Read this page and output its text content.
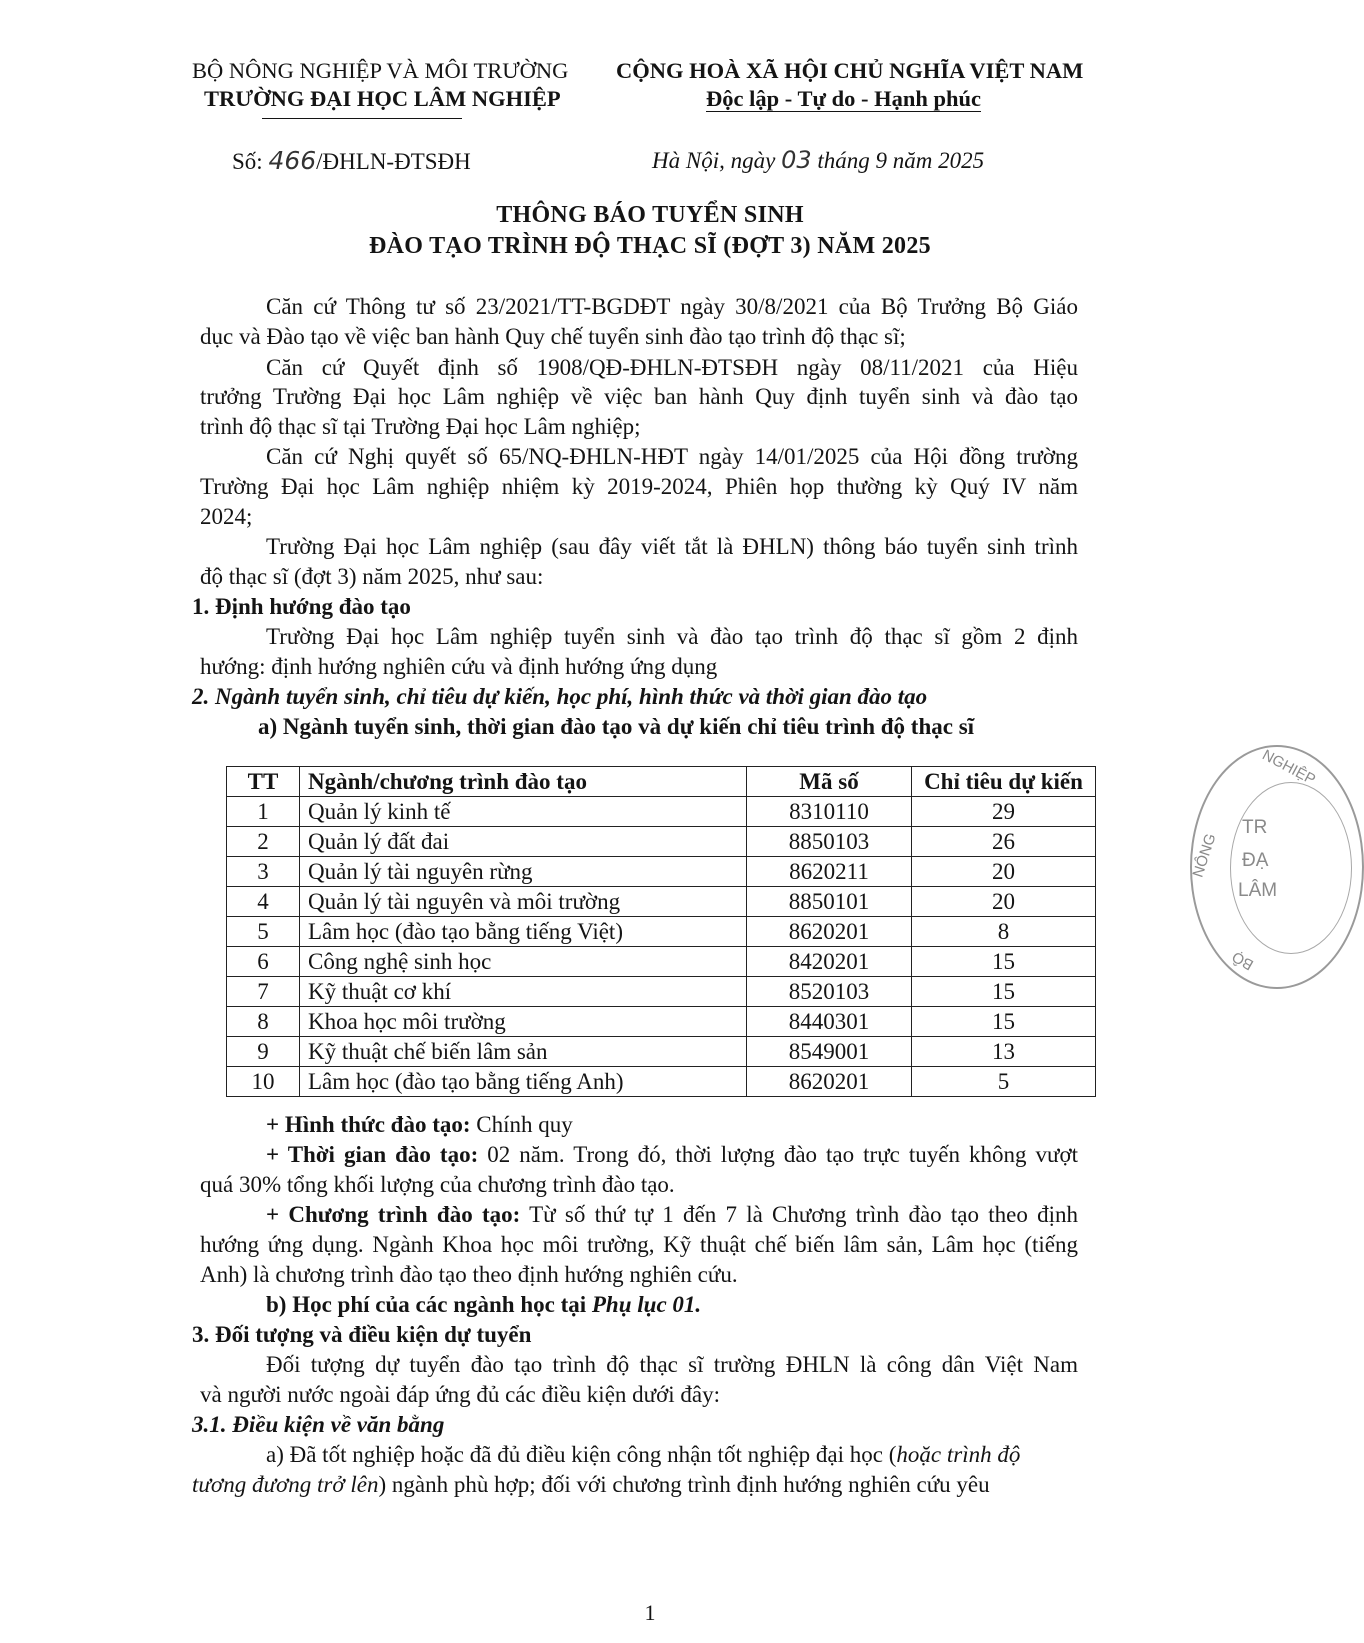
BỘ NÔNG NGHIỆP VÀ MÔI TRƯỜNG
TRƯỜNG ĐẠI HỌC LÂM NGHIỆP
CỘNG HOÀ XÃ HỘI CHỦ NGHĨA VIỆT NAM
Độc lập - Tự do - Hạnh phúc
Số: 466/ĐHLN-ĐTSĐH	Hà Nội, ngày 03 tháng 9 năm 2025
THÔNG BÁO TUYỂN SINH
ĐÀO TẠO TRÌNH ĐỘ THẠC SĨ (ĐỢT 3) NĂM 2025
Căn cứ Thông tư số 23/2021/TT-BGDĐT ngày 30/8/2021 của Bộ Trưởng Bộ Giáo
dục và Đào tạo về việc ban hành Quy chế tuyển sinh đào tạo trình độ thạc sĩ;
Căn cứ Quyết định số 1908/QĐ-ĐHLN-ĐTSĐH ngày 08/11/2021 của Hiệu
trưởng Trường Đại học Lâm nghiệp về việc ban hành Quy định tuyển sinh và đào tạo
trình độ thạc sĩ tại Trường Đại học Lâm nghiệp;
Căn cứ Nghị quyết số 65/NQ-ĐHLN-HĐT ngày 14/01/2025 của Hội đồng trường
Trường Đại học Lâm nghiệp nhiệm kỳ 2019-2024, Phiên họp thường kỳ Quý IV năm
2024;
Trường Đại học Lâm nghiệp (sau đây viết tắt là ĐHLN) thông báo tuyển sinh trình
độ thạc sĩ (đợt 3) năm 2025, như sau:
1. Định hướng đào tạo
Trường Đại học Lâm nghiệp tuyển sinh và đào tạo trình độ thạc sĩ gồm 2 định
hướng: định hướng nghiên cứu và định hướng ứng dụng
2. Ngành tuyển sinh, chỉ tiêu dự kiến, học phí, hình thức và thời gian đào tạo
a) Ngành tuyển sinh, thời gian đào tạo và dự kiến chỉ tiêu trình độ thạc sĩ
TT	Ngành/chương trình đào tạo	Mã số	Chỉ tiêu dự kiến
1	Quản lý kinh tế	8310110	29
2	Quản lý đất đai	8850103	26
3	Quản lý tài nguyên rừng	8620211	20
4	Quản lý tài nguyên và môi trường	8850101	20
5	Lâm học (đào tạo bằng tiếng Việt)	8620201	8
6	Công nghệ sinh học	8420201	15
7	Kỹ thuật cơ khí	8520103	15
8	Khoa học môi trường	8440301	15
9	Kỹ thuật chế biến lâm sản	8549001	13
10	Lâm học (đào tạo bằng tiếng Anh)	8620201	5
+ Hình thức đào tạo: Chính quy
+ Thời gian đào tạo: 02 năm. Trong đó, thời lượng đào tạo trực tuyến không vượt
quá 30% tổng khối lượng của chương trình đào tạo.
+ Chương trình đào tạo: Từ số thứ tự 1 đến 7 là Chương trình đào tạo theo định
hướng ứng dụng. Ngành Khoa học môi trường, Kỹ thuật chế biến lâm sản, Lâm học (tiếng
Anh) là chương trình đào tạo theo định hướng nghiên cứu.
b) Học phí của các ngành học tại Phụ lục 01.
3. Đối tượng và điều kiện dự tuyển
Đối tượng dự tuyển đào tạo trình độ thạc sĩ trường ĐHLN là công dân Việt Nam
và người nước ngoài đáp ứng đủ các điều kiện dưới đây:
3.1. Điều kiện về văn bằng
a) Đã tốt nghiệp hoặc đã đủ điều kiện công nhận tốt nghiệp đại học (hoặc trình độ
tương đương trở lên) ngành phù hợp; đối với chương trình định hướng nghiên cứu yêu
NGHIỆP
NÔNG
BỘ
TR
ĐẠ
LÂM
1
